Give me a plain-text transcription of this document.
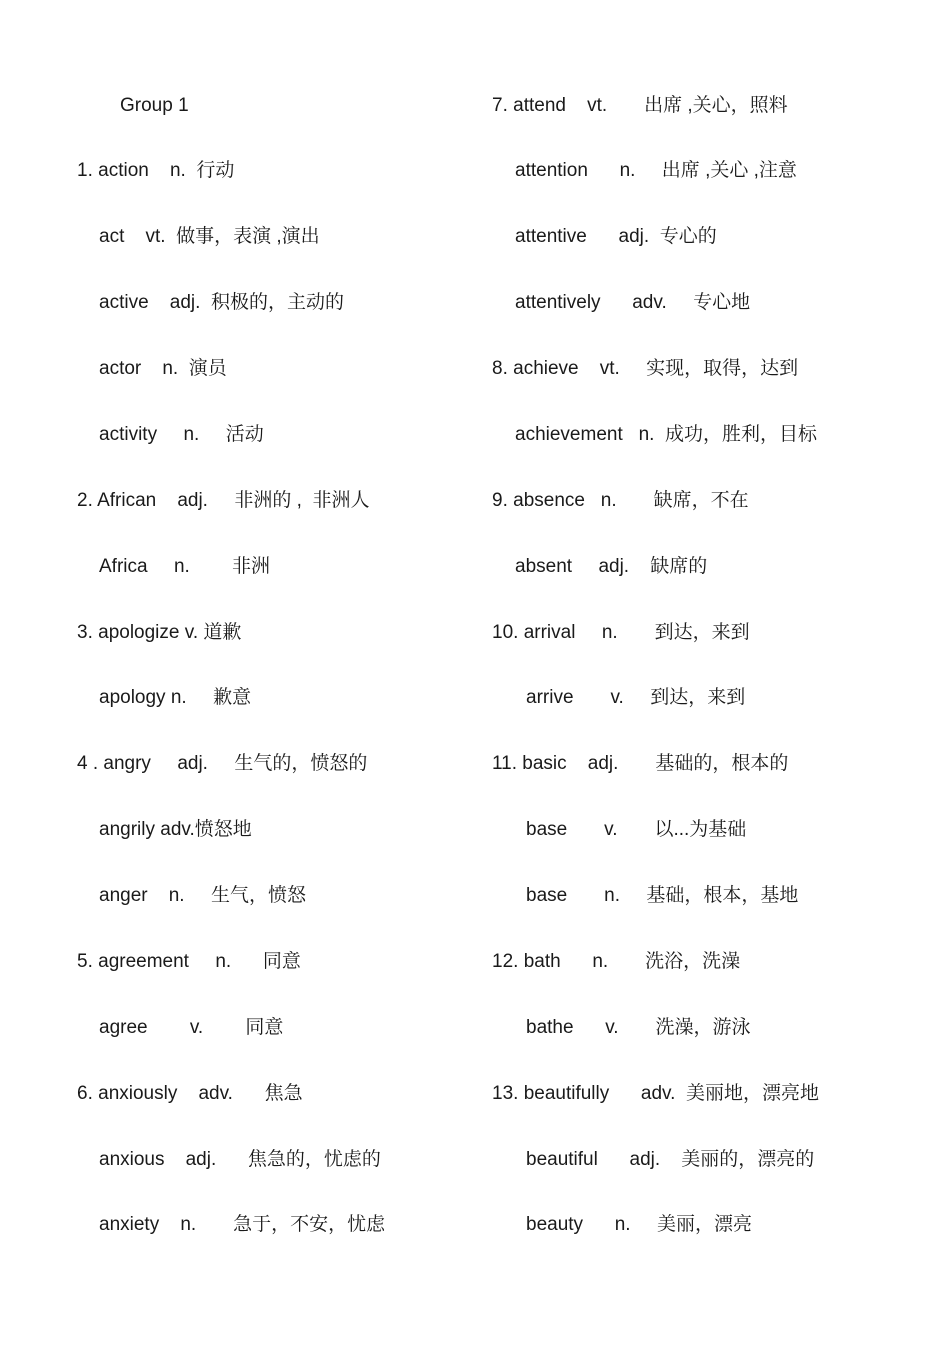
Group 1
1. action    n.  行动
act    vt.  做事，表演 ,演出
active    adj.  积极的，主动的
actor    n.  演员
activity     n.     活动
2. African    adj.     非洲的 ,  非洲人
Africa     n.        非洲
3. apologize v. 道歉
apology n.     歉意
4 . angry     adj.     生气的，愤怒的
angrily adv.愤怒地
anger    n.     生气，愤怒
5. agreement     n.      同意
agree        v.        同意
6. anxiously    adv.      焦急
anxious    adj.      焦急的，忧虑的
anxiety    n.       急于，不安，忧虑
7. attend    vt.       出席 ,关心，照料
attention      n.     出席 ,关心 ,注意
attentive      adj.  专心的
attentively      adv.     专心地
8. achieve    vt.     实现，取得，达到
achievement   n.  成功，胜利，目标
9. absence   n.       缺席，不在
absent     adj.    缺席的
10. arrival     n.       到达，来到
arrive       v.     到达，来到
11. basic    adj.       基础的，根本的
base       v.       以...为基础
base       n.     基础，根本，基地
12. bath      n.       洗浴，洗澡
bathe      v.       洗澡，游泳
13. beautifully      adv.  美丽地，漂亮地
beautiful      adj.    美丽的，漂亮的
beauty      n.     美丽，漂亮
